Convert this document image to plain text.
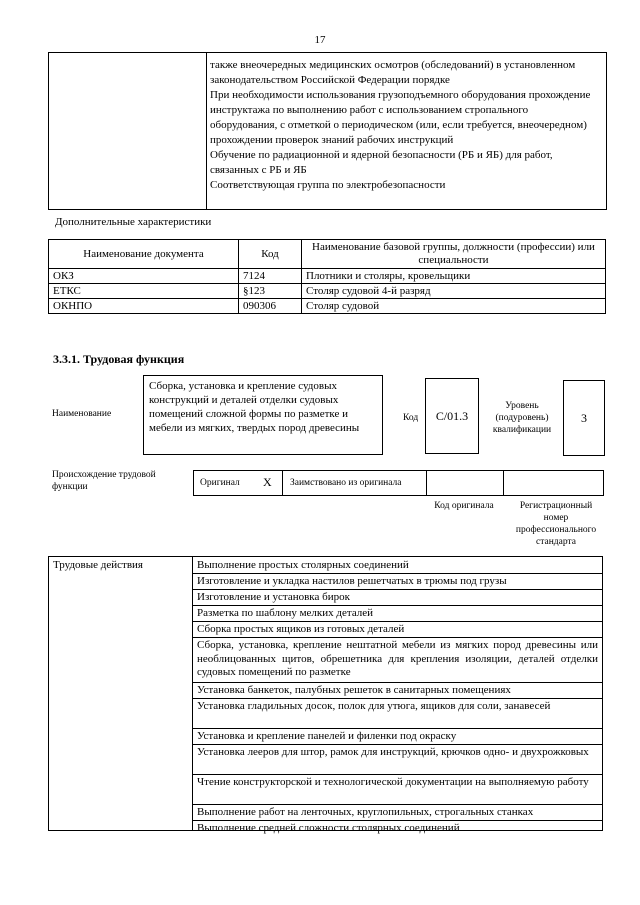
17
также внеочередных медицинских осмотров (обследований) в установленном законодательством Российской Федерации порядке
При необходимости использования грузоподъемного оборудования прохождение инструктажа по выполнению работ с использованием стропального оборудования, с отметкой о периодическом (или, если требуется, внеочередном) прохождении проверок знаний рабочих инструкций
Обучение по радиационной и ядерной безопасности (РБ и ЯБ) для работ, связанных с РБ и ЯБ
Соответствующая группа по электробезопасности
Дополнительные характеристики
Наименование документа	Код	Наименование базовой группы, должности (профессии) или специальности
ОКЗ	7124	Плотники и столяры, кровельщики
ЕТКС	§123	Столяр судовой 4-й разряд
ОКНПО	090306	Столяр судовой
3.3.1. Трудовая функция
Наименование
Сборка, установка и крепление судовых конструкций и деталей отделки судовых помещений сложной формы по разметке и мебели из мягких, твердых пород древесины
Код	С/01.3
Уровень (подуровень) квалификации
3
Происхождение трудовой функции	Оригинал X Заимствовано из оригинала
Код оригинала	Регистрационный номер профессионального стандарта
Трудовые действия	Выполнение простых столярных соединений
Изготовление и укладка настилов решетчатых в трюмы под грузы
Изготовление и установка бирок
Разметка по шаблону мелких деталей
Сборка простых ящиков из готовых деталей
Сборка, установка, крепление нештатной мебели из мягких пород древесины или необлицованных щитов, обрешетника для крепления изоляции, деталей отделки судовых помещений по разметке
Установка банкеток, палубных решеток в санитарных помещениях
Установка гладильных досок, полок для утюга, ящиков для соли, занавесей
Установка и крепление панелей и филенки под окраску
Установка лееров для штор, рамок для инструкций, крючков одно- и двухрожковых
Чтение конструкторской и технологической документации на выполняемую работу
Выполнение работ на ленточных, круглопильных, строгальных станках
Выполнение средней сложности столярных соединений
